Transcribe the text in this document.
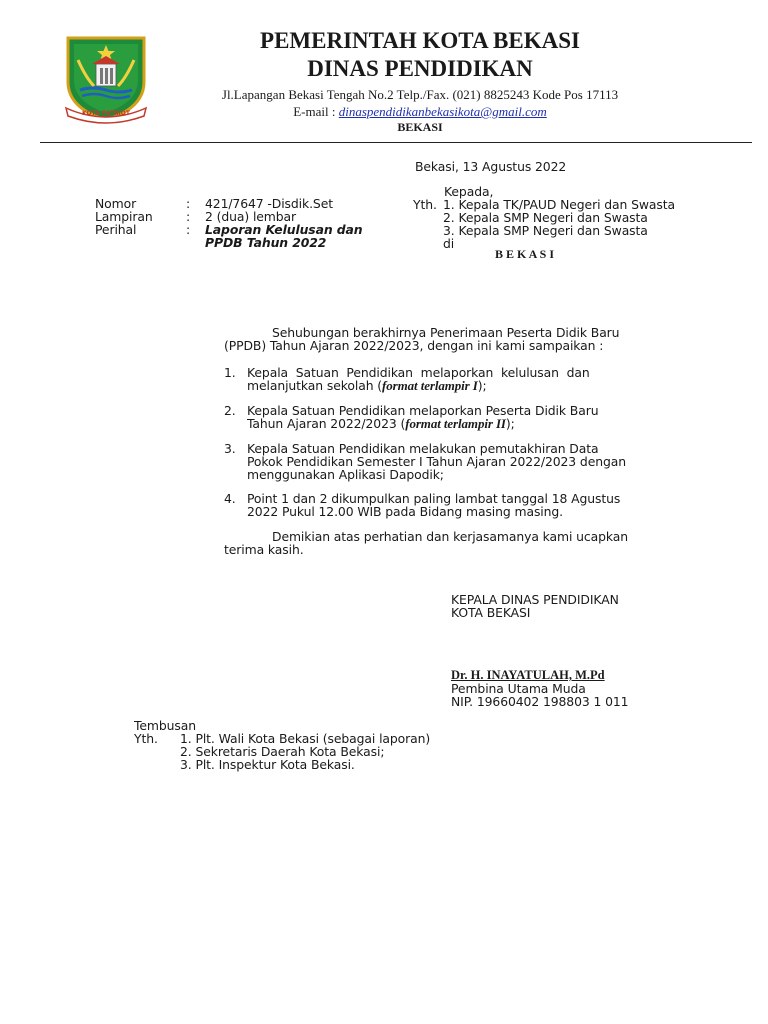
KOTA PATRIOT
PEMERINTAH KOTA BEKASI
DINAS PENDIDIKAN
Jl.Lapangan Bekasi Tengah No.2 Telp./Fax. (021) 8825243 Kode Pos 17113
E-mail : dinaspendidikanbekasikota@gmail.com
BEKASI
Bekasi, 13 Agustus 2022
Nomor	: 421/7647 -Disdik.Set
Lampiran	: 2 (dua) lembar
Perihal	: Laporan Kelulusan dan
PPDB Tahun 2022
Kepada,
Yth. 1. Kepala TK/PAUD Negeri dan Swasta
2. Kepala SMP Negeri dan Swasta
3. Kepala SMP Negeri dan Swasta
di
B E K A S I
Sehubungan berakhirnya Penerimaan Peserta Didik Baru
(PPDB) Tahun Ajaran 2022/2023, dengan ini kami sampaikan :
1. Kepala  Satuan  Pendidikan  melaporkan  kelulusan  dan
melanjutkan sekolah (format terlampir I);
2. Kepala Satuan Pendidikan melaporkan Peserta Didik Baru
Tahun Ajaran 2022/2023 (format terlampir II);
3. Kepala Satuan Pendidikan melakukan pemutakhiran Data
Pokok Pendidikan Semester I Tahun Ajaran 2022/2023 dengan
menggunakan Aplikasi Dapodik;
4. Point 1 dan 2 dikumpulkan paling lambat tanggal 18 Agustus
2022 Pukul 12.00 WIB pada Bidang masing masing.
Demikian atas perhatian dan kerjasamanya kami ucapkan
terima kasih.
KEPALA DINAS PENDIDIKAN
KOTA BEKASI
Dr. H. INAYATULAH, M.Pd
Pembina Utama Muda
NIP. 19660402 198803 1 011
Tembusan
Yth. 1. Plt. Wali Kota Bekasi (sebagai laporan)
2. Sekretaris Daerah Kota Bekasi;
3. Plt. Inspektur Kota Bekasi.
